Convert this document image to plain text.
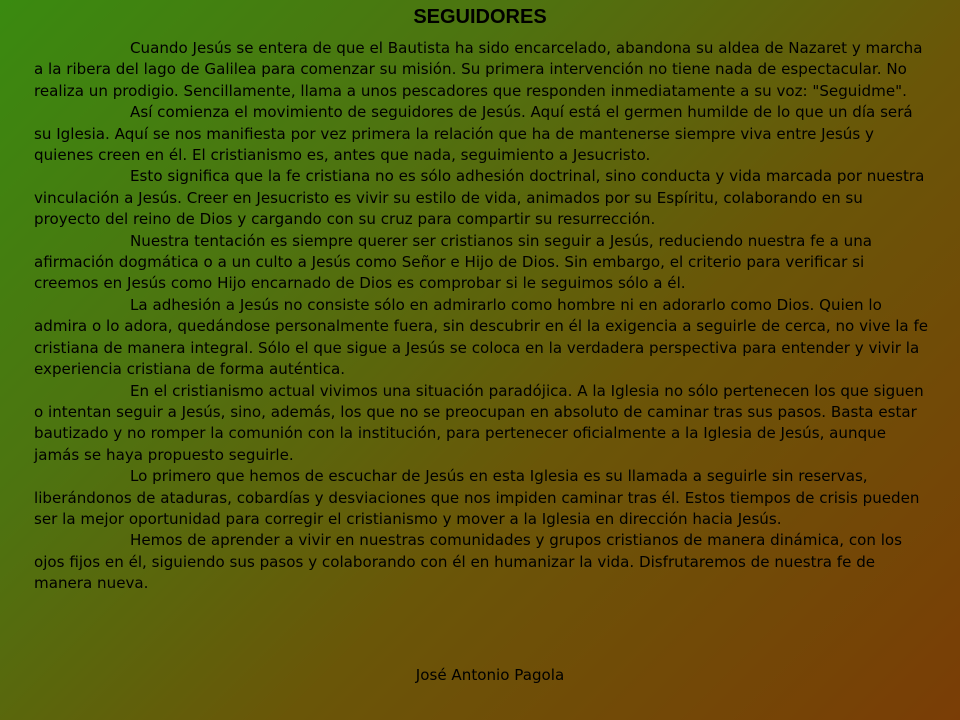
SEGUIDORES

Cuando Jesús se entera de que el Bautista ha sido encarcelado, abandona su aldea de Nazaret y marcha a la ribera del lago de Galilea para comenzar su misión. Su primera intervención no tiene nada de espectacular. No realiza un prodigio. Sencillamente, llama a unos pescadores que responden inmediatamente a su voz: "Seguidme".

Así comienza el movimiento de seguidores de Jesús. Aquí está el germen humilde de lo que un día será su Iglesia. Aquí se nos manifiesta por vez primera la relación que ha de mantenerse siempre viva entre Jesús y quienes creen en él. El cristianismo es, antes que nada, seguimiento a Jesucristo.

Esto significa que la fe cristiana no es sólo adhesión doctrinal, sino conducta y vida marcada por nuestra vinculación a Jesús. Creer en Jesucristo es vivir su estilo de vida, animados por su Espíritu, colaborando en su proyecto del reino de Dios y cargando con su cruz para compartir su resurrección.

Nuestra tentación es siempre querer ser cristianos sin seguir a Jesús, reduciendo nuestra fe a una afirmación dogmática o a un culto a Jesús como Señor e Hijo de Dios. Sin embargo, el criterio para verificar si creemos en Jesús como Hijo encarnado de Dios es comprobar si le seguimos sólo a él.

La adhesión a Jesús no consiste sólo en admirarlo como hombre ni en adorarlo como Dios. Quien lo admira o lo adora, quedándose personalmente fuera, sin descubrir en él la exigencia a seguirle de cerca, no vive la fe cristiana de manera integral. Sólo el que sigue a Jesús se coloca en la verdadera perspectiva para entender y vivir la experiencia cristiana de forma auténtica.

En el cristianismo actual vivimos una situación paradójica. A la Iglesia no sólo pertenecen los que siguen o intentan seguir a Jesús, sino, además, los que no se preocupan en absoluto de caminar tras sus pasos. Basta estar bautizado y no romper la comunión con la institución, para pertenecer oficialmente a la Iglesia de Jesús, aunque jamás se haya propuesto seguirle.

Lo primero que hemos de escuchar de Jesús en esta Iglesia es su llamada a seguirle sin reservas, liberándonos de ataduras, cobardías y desviaciones que nos impiden caminar tras él. Estos tiempos de crisis pueden ser la mejor oportunidad para corregir el cristianismo y mover a la Iglesia en dirección hacia Jesús.

Hemos de aprender a vivir en nuestras comunidades y grupos cristianos de manera dinámica, con los ojos fijos en él, siguiendo sus pasos y colaborando con él en humanizar la vida. Disfrutaremos de nuestra fe de manera nueva.

José Antonio Pagola
